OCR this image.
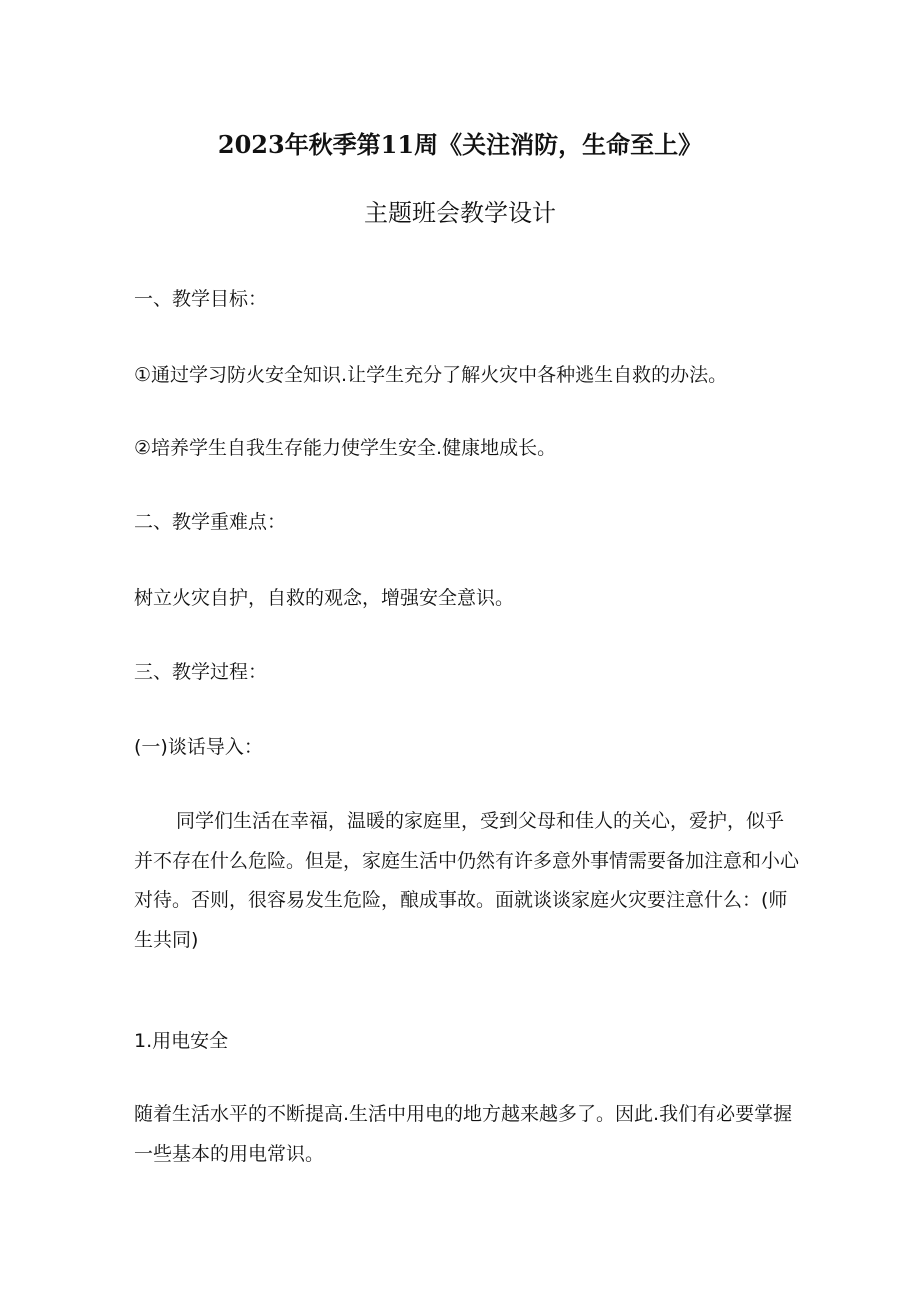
2023年秋季第11周《关注消防，生命至上》
主题班会教学设计
一、教学目标：
①通过学习防火安全知识.让学生充分了解火灾中各种逃生自救的办法。
②培养学生自我生存能力使学生安全.健康地成长。
二、教学重难点：
树立火灾自护，自救的观念，增强安全意识。
三、教学过程：
(一)谈话导入：
同学们生活在幸福，温暖的家庭里，受到父母和佳人的关心，爱护，似乎
并不存在什么危险。但是，家庭生活中仍然有许多意外事情需要备加注意和小心
对待。否则，很容易发生危险，酿成事故。面就谈谈家庭火灾要注意什么：(师
生共同)
1.用电安全
随着生活水平的不断提高.生活中用电的地方越来越多了。因此.我们有必要掌握
一些基本的用电常识。
